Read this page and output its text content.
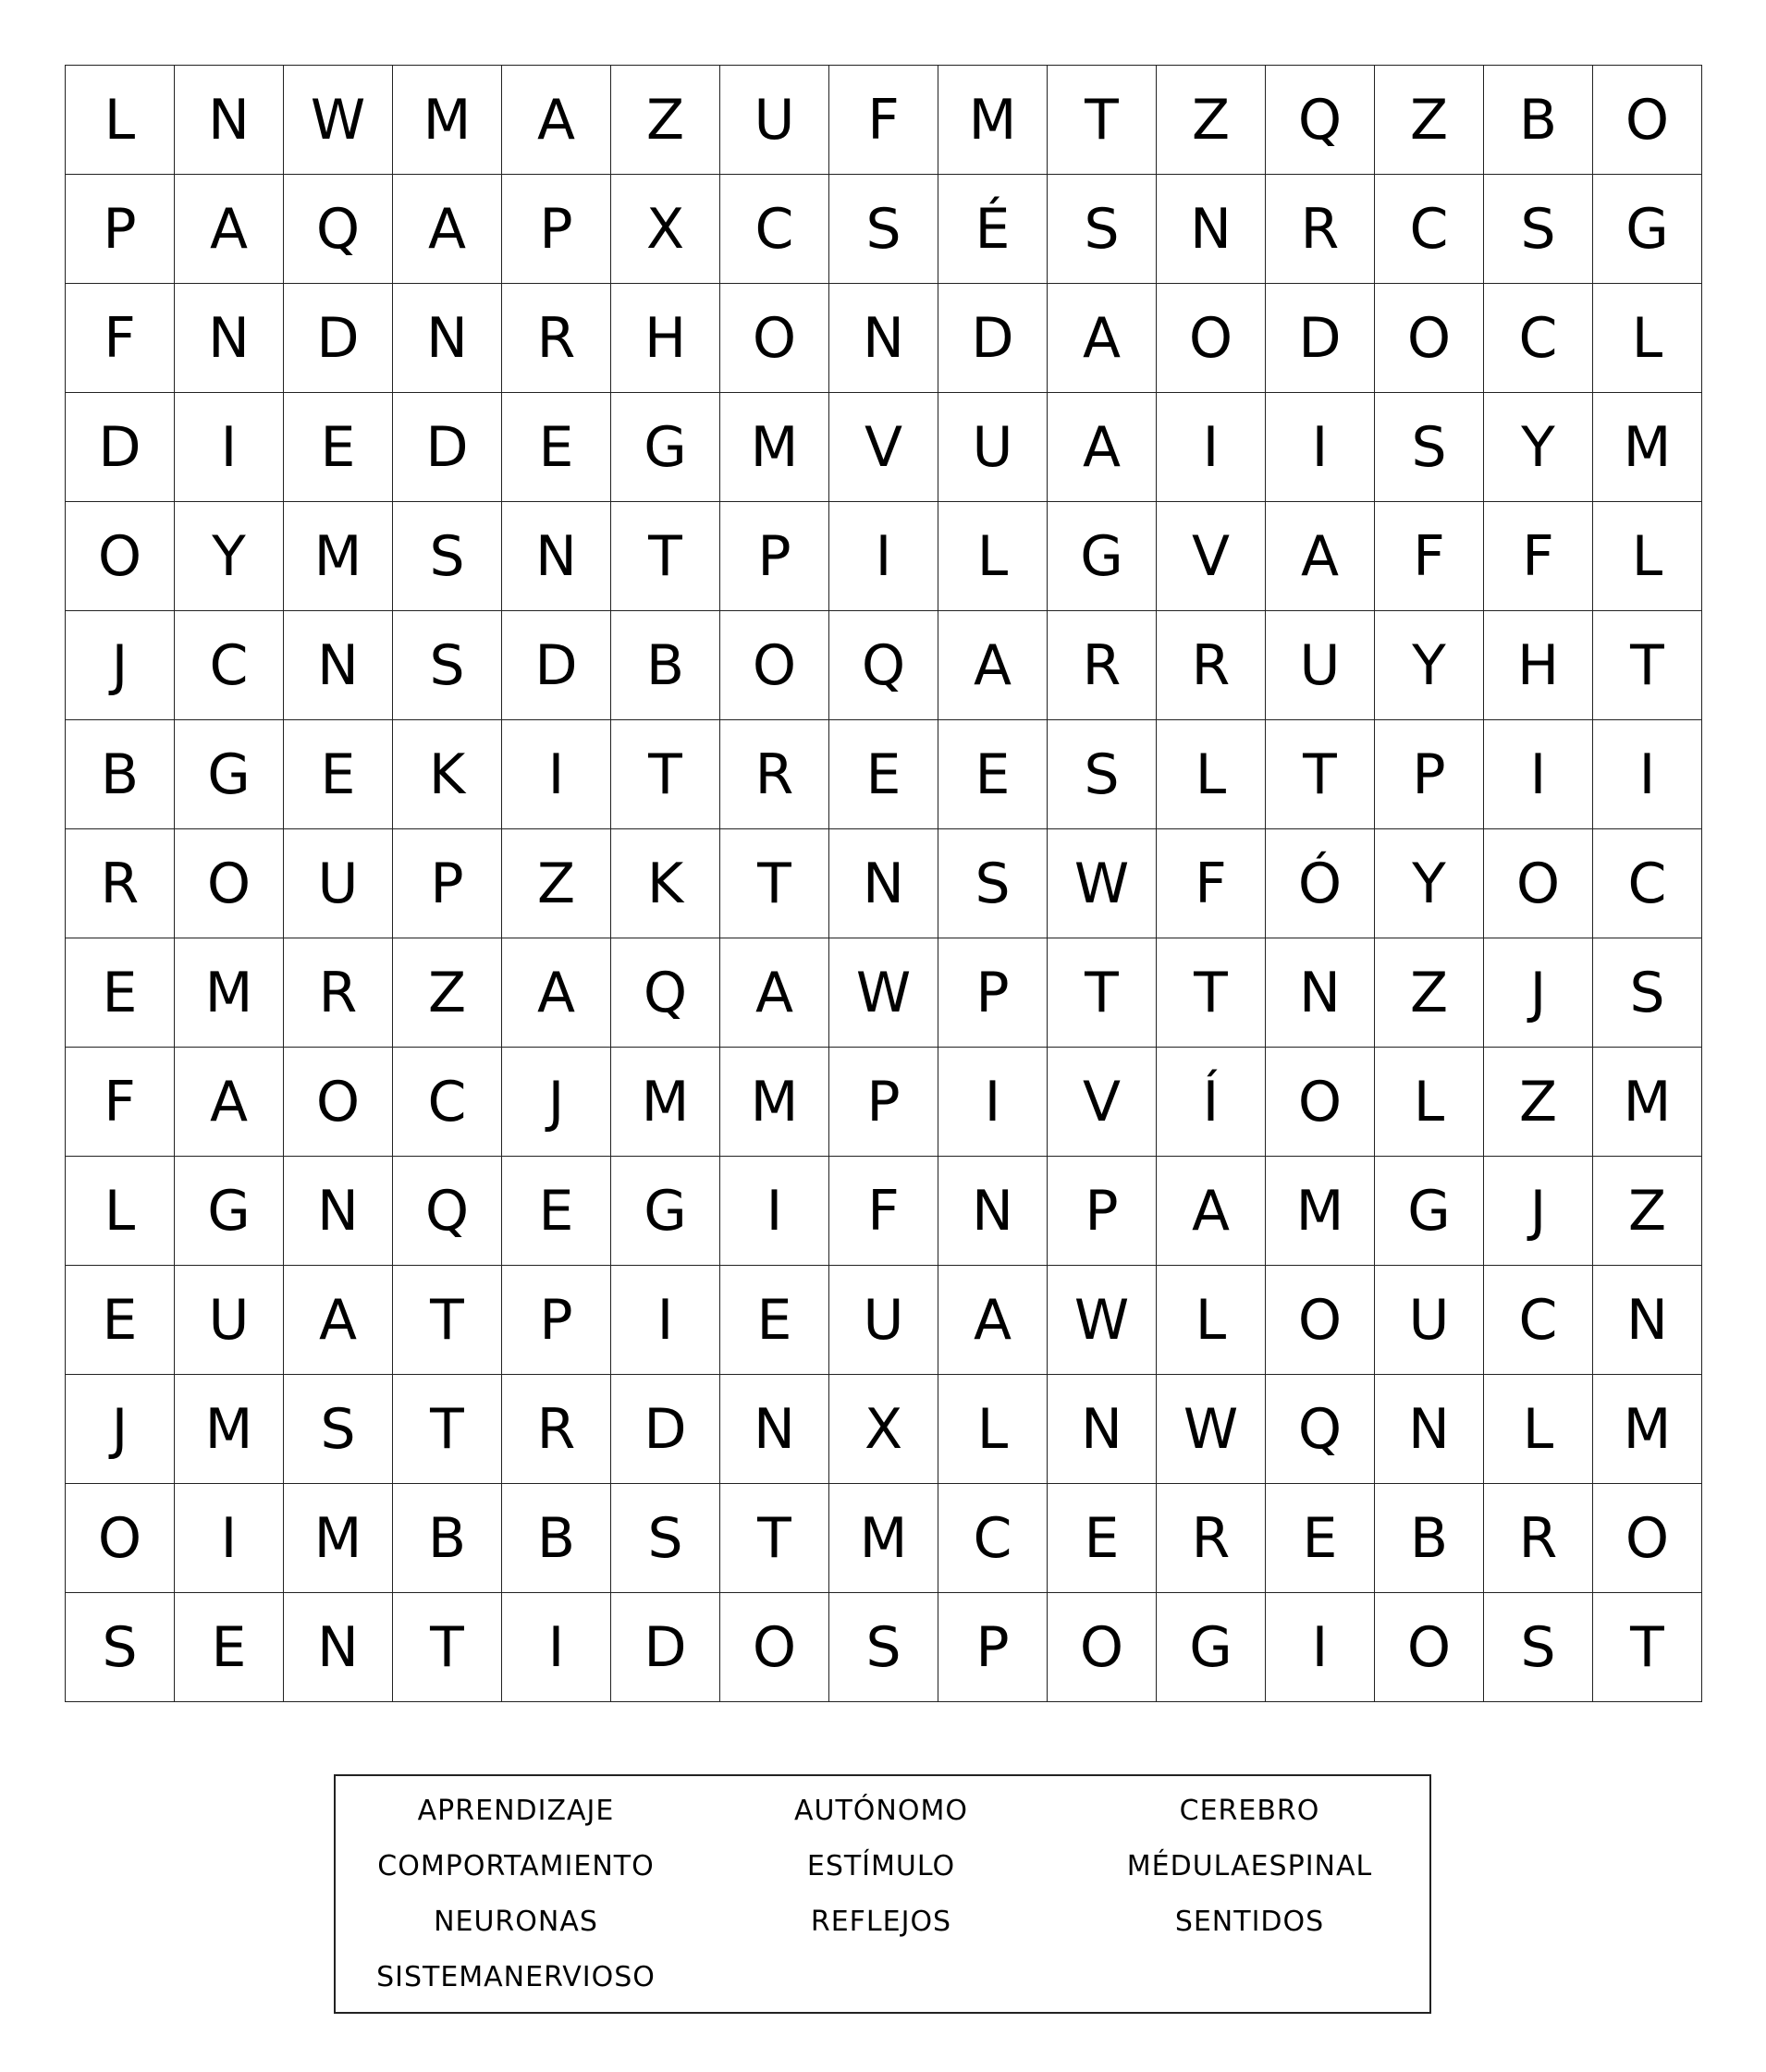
L	N	W	M	A	Z	U	F	M	T	Z	Q	Z	B	O
P	A	Q	A	P	X	C	S	É	S	N	R	C	S	G
F	N	D	N	R	H	O	N	D	A	O	D	O	C	L
D	I	E	D	E	G	M	V	U	A	I	I	S	Y	M
O	Y	M	S	N	T	P	I	L	G	V	A	F	F	L
J	C	N	S	D	B	O	Q	A	R	R	U	Y	H	T
B	G	E	K	I	T	R	E	E	S	L	T	P	I	I
R	O	U	P	Z	K	T	N	S	W	F	Ó	Y	O	C
E	M	R	Z	A	Q	A	W	P	T	T	N	Z	J	S
F	A	O	C	J	M	M	P	I	V	Í	O	L	Z	M
L	G	N	Q	E	G	I	F	N	P	A	M	G	J	Z
E	U	A	T	P	I	E	U	A	W	L	O	U	C	N
J	M	S	T	R	D	N	X	L	N	W	Q	N	L	M
O	I	M	B	B	S	T	M	C	E	R	E	B	R	O
S	E	N	T	I	D	O	S	P	O	G	I	O	S	T
APRENDIZAJE	AUTÓNOMO	CEREBRO
COMPORTAMIENTO	ESTÍMULO	MÉDULAESPINAL
NEURONAS	REFLEJOS	SENTIDOS
SISTEMANERVIOSO
